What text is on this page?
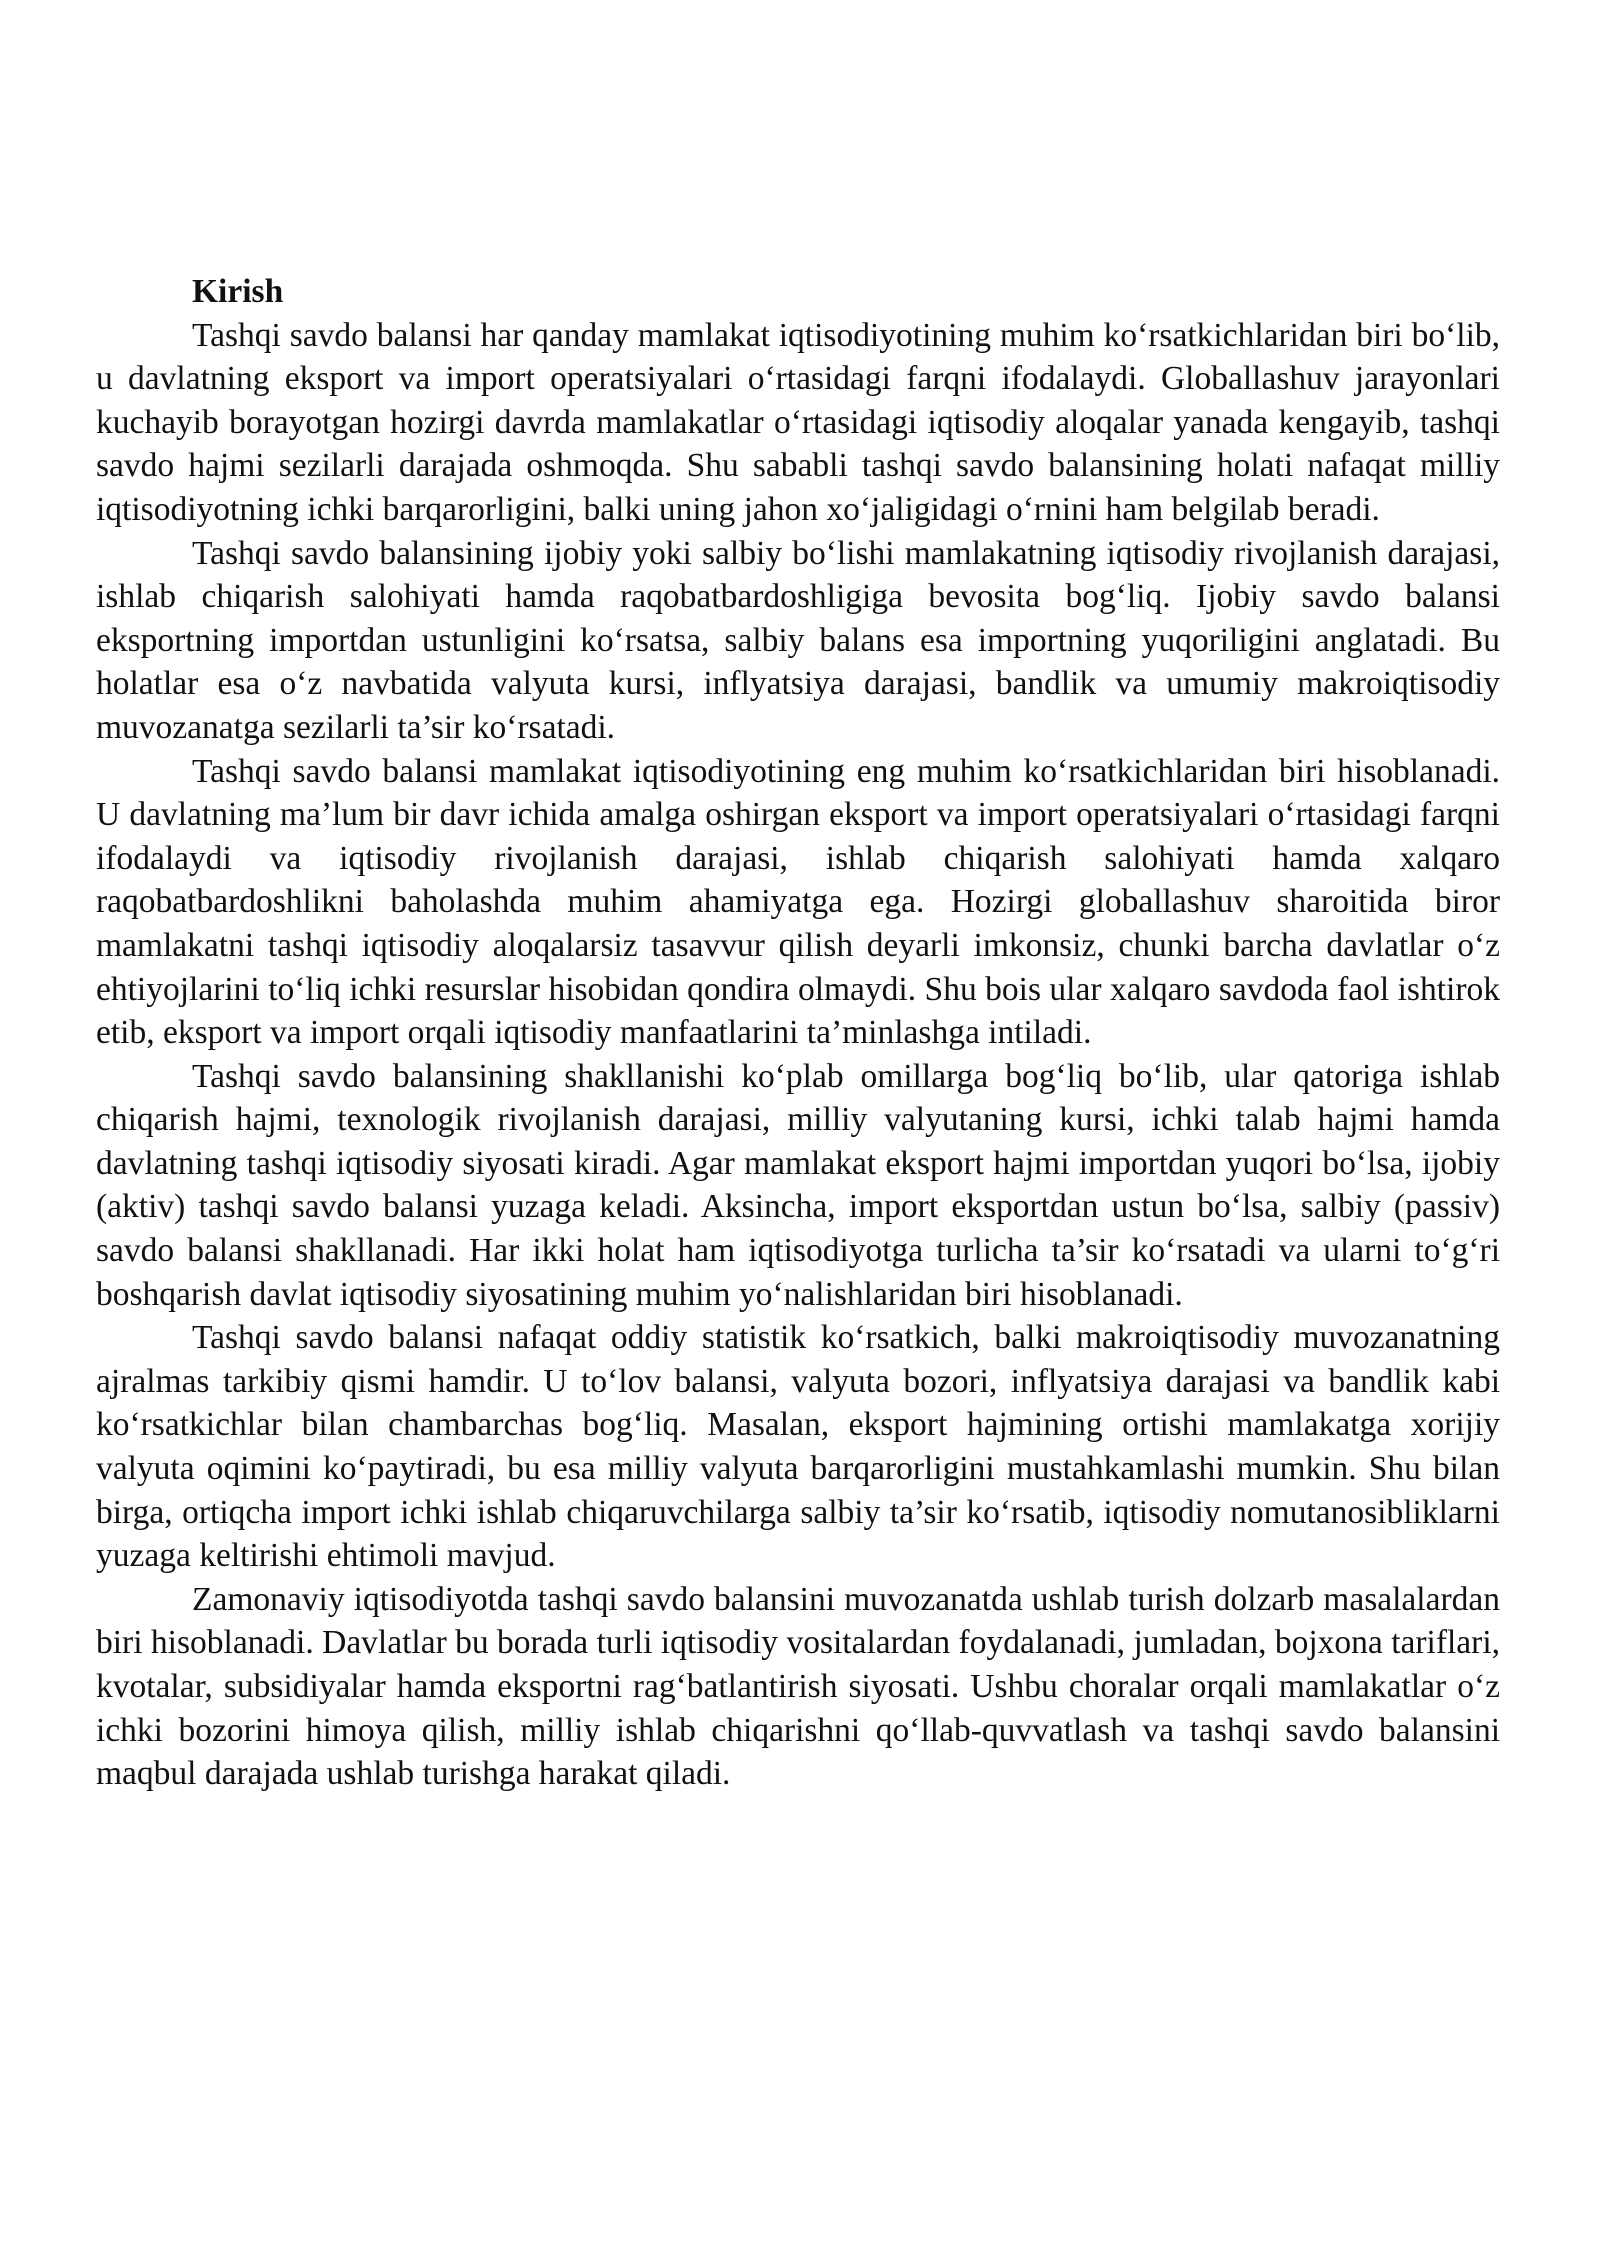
Kirish

Tashqi savdo balansi har qanday mamlakat iqtisodiyotining muhim ko‘rsatkichlaridan biri bo‘lib, u davlatning eksport va import operatsiyalari o‘rtasidagi farqni ifodalaydi. Globallashuv jarayonlari kuchayib borayotgan hozirgi davrda mamlakatlar o‘rtasidagi iqtisodiy aloqalar yanada kengayib, tashqi savdo hajmi sezilarli darajada oshmoqda. Shu sababli tashqi savdo balansining holati nafaqat milliy iqtisodiyotning ichki barqarorligini, balki uning jahon xo‘jaligidagi o‘rnini ham belgilab beradi.

Tashqi savdo balansining ijobiy yoki salbiy bo‘lishi mamlakatning iqtisodiy rivojlanish darajasi, ishlab chiqarish salohiyati hamda raqobatbardoshligiga bevosita bog‘liq. Ijobiy savdo balansi eksportning importdan ustunligini ko‘rsatsa, salbiy balans esa importning yuqoriligini anglatadi. Bu holatlar esa o‘z navbatida valyuta kursi, inflyatsiya darajasi, bandlik va umumiy makroiqtisodiy muvozanatga sezilarli ta’sir ko‘rsatadi.

Tashqi savdo balansi mamlakat iqtisodiyotining eng muhim ko‘rsatkichlaridan biri hisoblanadi. U davlatning ma’lum bir davr ichida amalga oshirgan eksport va import operatsiyalari o‘rtasidagi farqni ifodalaydi va iqtisodiy rivojlanish darajasi, ishlab chiqarish salohiyati hamda xalqaro raqobatbardoshlikni baholashda muhim ahamiyatga ega. Hozirgi globallashuv sharoitida biror mamlakatni tashqi iqtisodiy aloqalarsiz tasavvur qilish deyarli imkonsiz, chunki barcha davlatlar o‘z ehtiyojlarini to‘liq ichki resurslar hisobidan qondira olmaydi. Shu bois ular xalqaro savdoda faol ishtirok etib, eksport va import orqali iqtisodiy manfaatlarini ta’minlashga intiladi.

Tashqi savdo balansining shakllanishi ko‘plab omillarga bog‘liq bo‘lib, ular qatoriga ishlab chiqarish hajmi, texnologik rivojlanish darajasi, milliy valyutaning kursi, ichki talab hajmi hamda davlatning tashqi iqtisodiy siyosati kiradi. Agar mamlakat eksport hajmi importdan yuqori bo‘lsa, ijobiy (aktiv) tashqi savdo balansi yuzaga keladi. Aksincha, import eksportdan ustun bo‘lsa, salbiy (passiv) savdo balansi shakllanadi. Har ikki holat ham iqtisodiyotga turlicha ta’sir ko‘rsatadi va ularni to‘g‘ri boshqarish davlat iqtisodiy siyosatining muhim yo‘nalishlaridan biri hisoblanadi.

Tashqi savdo balansi nafaqat oddiy statistik ko‘rsatkich, balki makroiqtisodiy muvozanatning ajralmas tarkibiy qismi hamdir. U to‘lov balansi, valyuta bozori, inflyatsiya darajasi va bandlik kabi ko‘rsatkichlar bilan chambarchas bog‘liq. Masalan, eksport hajmining ortishi mamlakatga xorijiy valyuta oqimini ko‘paytiradi, bu esa milliy valyuta barqarorligini mustahkamlashi mumkin. Shu bilan birga, ortiqcha import ichki ishlab chiqaruvchilarga salbiy ta’sir ko‘rsatib, iqtisodiy nomutanosibliklarni yuzaga keltirishi ehtimoli mavjud.

Zamonaviy iqtisodiyotda tashqi savdo balansini muvozanatda ushlab turish dolzarb masalalardan biri hisoblanadi. Davlatlar bu borada turli iqtisodiy vositalardan foydalanadi, jumladan, bojxona tariflari, kvotalar, subsidiyalar hamda eksportni rag‘batlantirish siyosati. Ushbu choralar orqali mamlakatlar o‘z ichki bozorini himoya qilish, milliy ishlab chiqarishni qo‘llab-quvvatlash va tashqi savdo balansini maqbul darajada ushlab turishga harakat qiladi.
